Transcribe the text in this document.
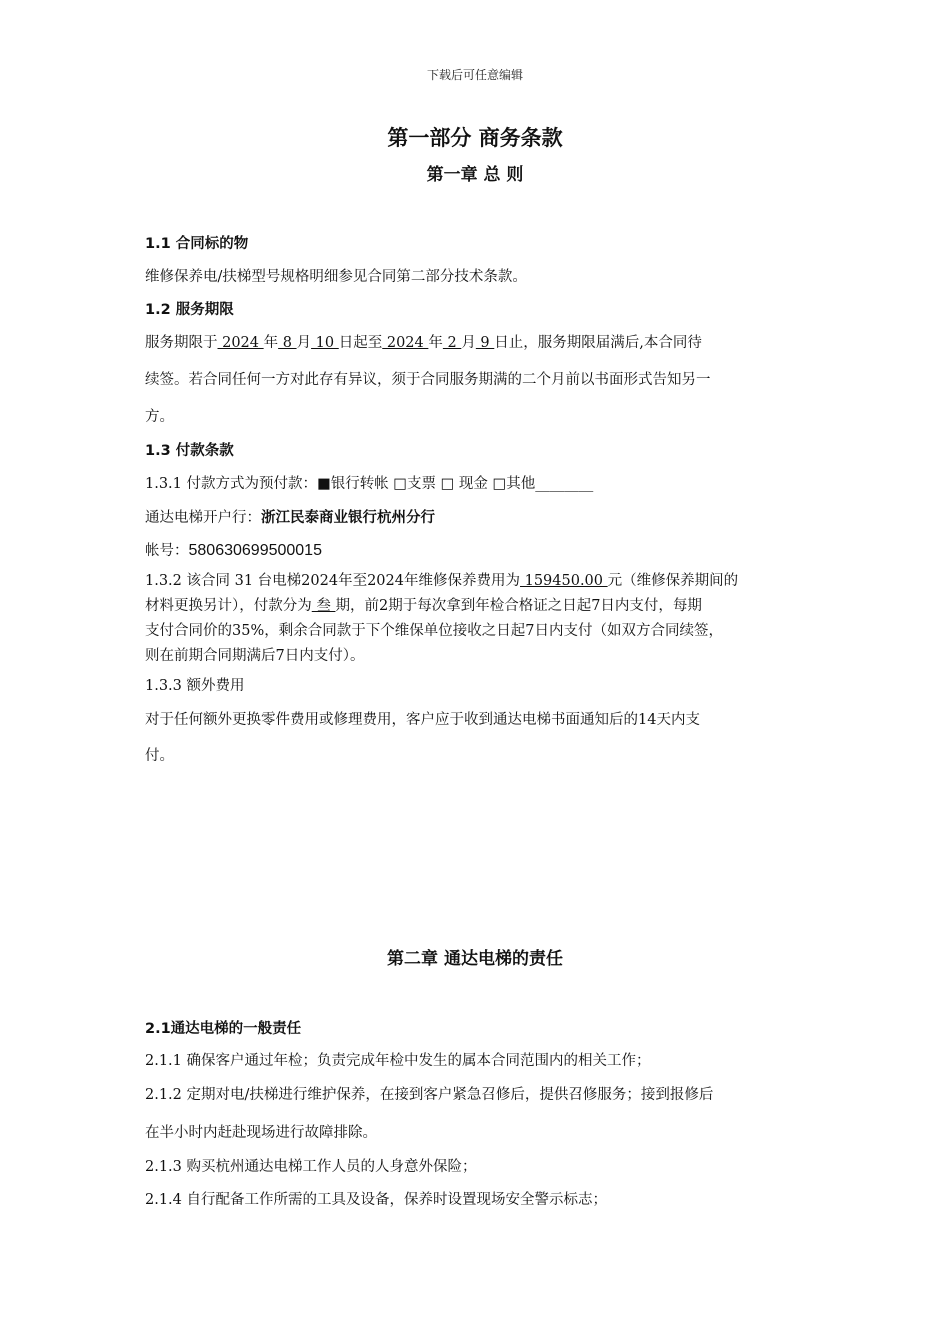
下载后可任意编辑
第一部分 商务条款
第一章 总 则
1.1 合同标的物
维修保养电/扶梯型号规格明细参见合同第二部分技术条款。
1.2 服务期限
服务期限于 2024 年 8 月 10 日起至 2024 年 2 月 9 日止，服务期限届满后,本合同待
续签。若合同任何一方对此存有异议，须于合同服务期满的二个月前以书面形式告知另一
方。
1.3 付款条款
1.3.1 付款方式为预付款：■银行转帐 □支票 □ 现金 □其他________
通达电梯开户行：浙江民泰商业银行杭州分行
帐号：580630699500015
1.3.2 该合同 31 台电梯2024年至2024年维修保养费用为 159450.00 元（维修保养期间的
材料更换另计），付款分为 叁 期，前2期于每次拿到年检合格证之日起7日内支付，每期
支付合同价的35%，剩余合同款于下个维保单位接收之日起7日内支付（如双方合同续签，
则在前期合同期满后7日内支付）。
1.3.3 额外费用
对于任何额外更换零件费用或修理费用，客户应于收到通达电梯书面通知后的14天内支
付。
第二章 通达电梯的责任
2.1通达电梯的一般责任
2.1.1 确保客户通过年检；负责完成年检中发生的属本合同范围内的相关工作；
2.1.2 定期对电/扶梯进行维护保养，在接到客户紧急召修后，提供召修服务；接到报修后
在半小时内赶赴现场进行故障排除。
2.1.3 购买杭州通达电梯工作人员的人身意外保险；
2.1.4 自行配备工作所需的工具及设备，保养时设置现场安全警示标志；
